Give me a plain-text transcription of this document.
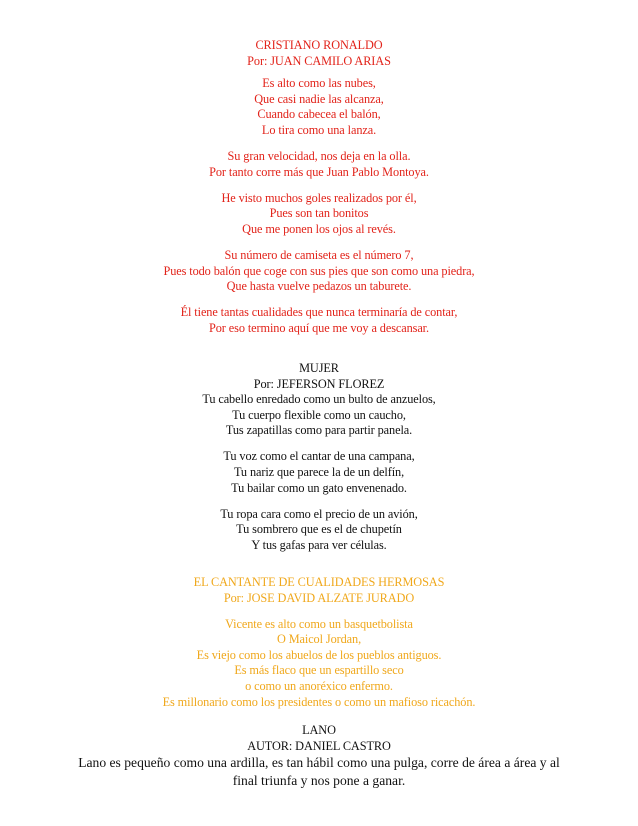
CRISTIANO RONALDO
Por: JUAN CAMILO ARIAS
Es alto como las nubes,
Que casi nadie las alcanza,
Cuando cabecea el balón,
Lo tira como una lanza.
Su gran velocidad, nos deja en la olla.
Por tanto corre más que Juan Pablo Montoya.
He visto muchos goles realizados por él,
Pues son tan bonitos
Que me ponen los ojos al revés.
Su número de camiseta es el número 7,
Pues todo balón que coge con sus pies que son como una piedra,
Que hasta vuelve pedazos un taburete.
Él tiene tantas cualidades que nunca terminaría de contar,
Por eso termino aquí que me voy a descansar.
MUJER
Por: JEFERSON FLOREZ
Tu cabello enredado como un bulto de anzuelos,
Tu cuerpo flexible como un caucho,
Tus zapatillas como para partir panela.
Tu voz como el cantar de una campana,
Tu nariz que parece la de un delfín,
Tu bailar como un gato envenenado.
Tu ropa cara como el precio de un avión,
Tu sombrero que es el de chupetín
Y tus gafas para ver células.
EL CANTANTE DE CUALIDADES HERMOSAS
Por: JOSE DAVID ALZATE JURADO
Vicente es alto como un basquetbolista
O Maicol Jordan,
Es viejo como los abuelos de los pueblos antiguos.
Es más flaco que un espartillo seco
o como un anoréxico enfermo.
Es millonario como los presidentes o como un mafioso ricachón.
LANO
AUTOR: DANIEL CASTRO
Lano es pequeño como una ardilla, es tan hábil como una pulga, corre de área a área y al
final triunfa y nos pone a ganar.
